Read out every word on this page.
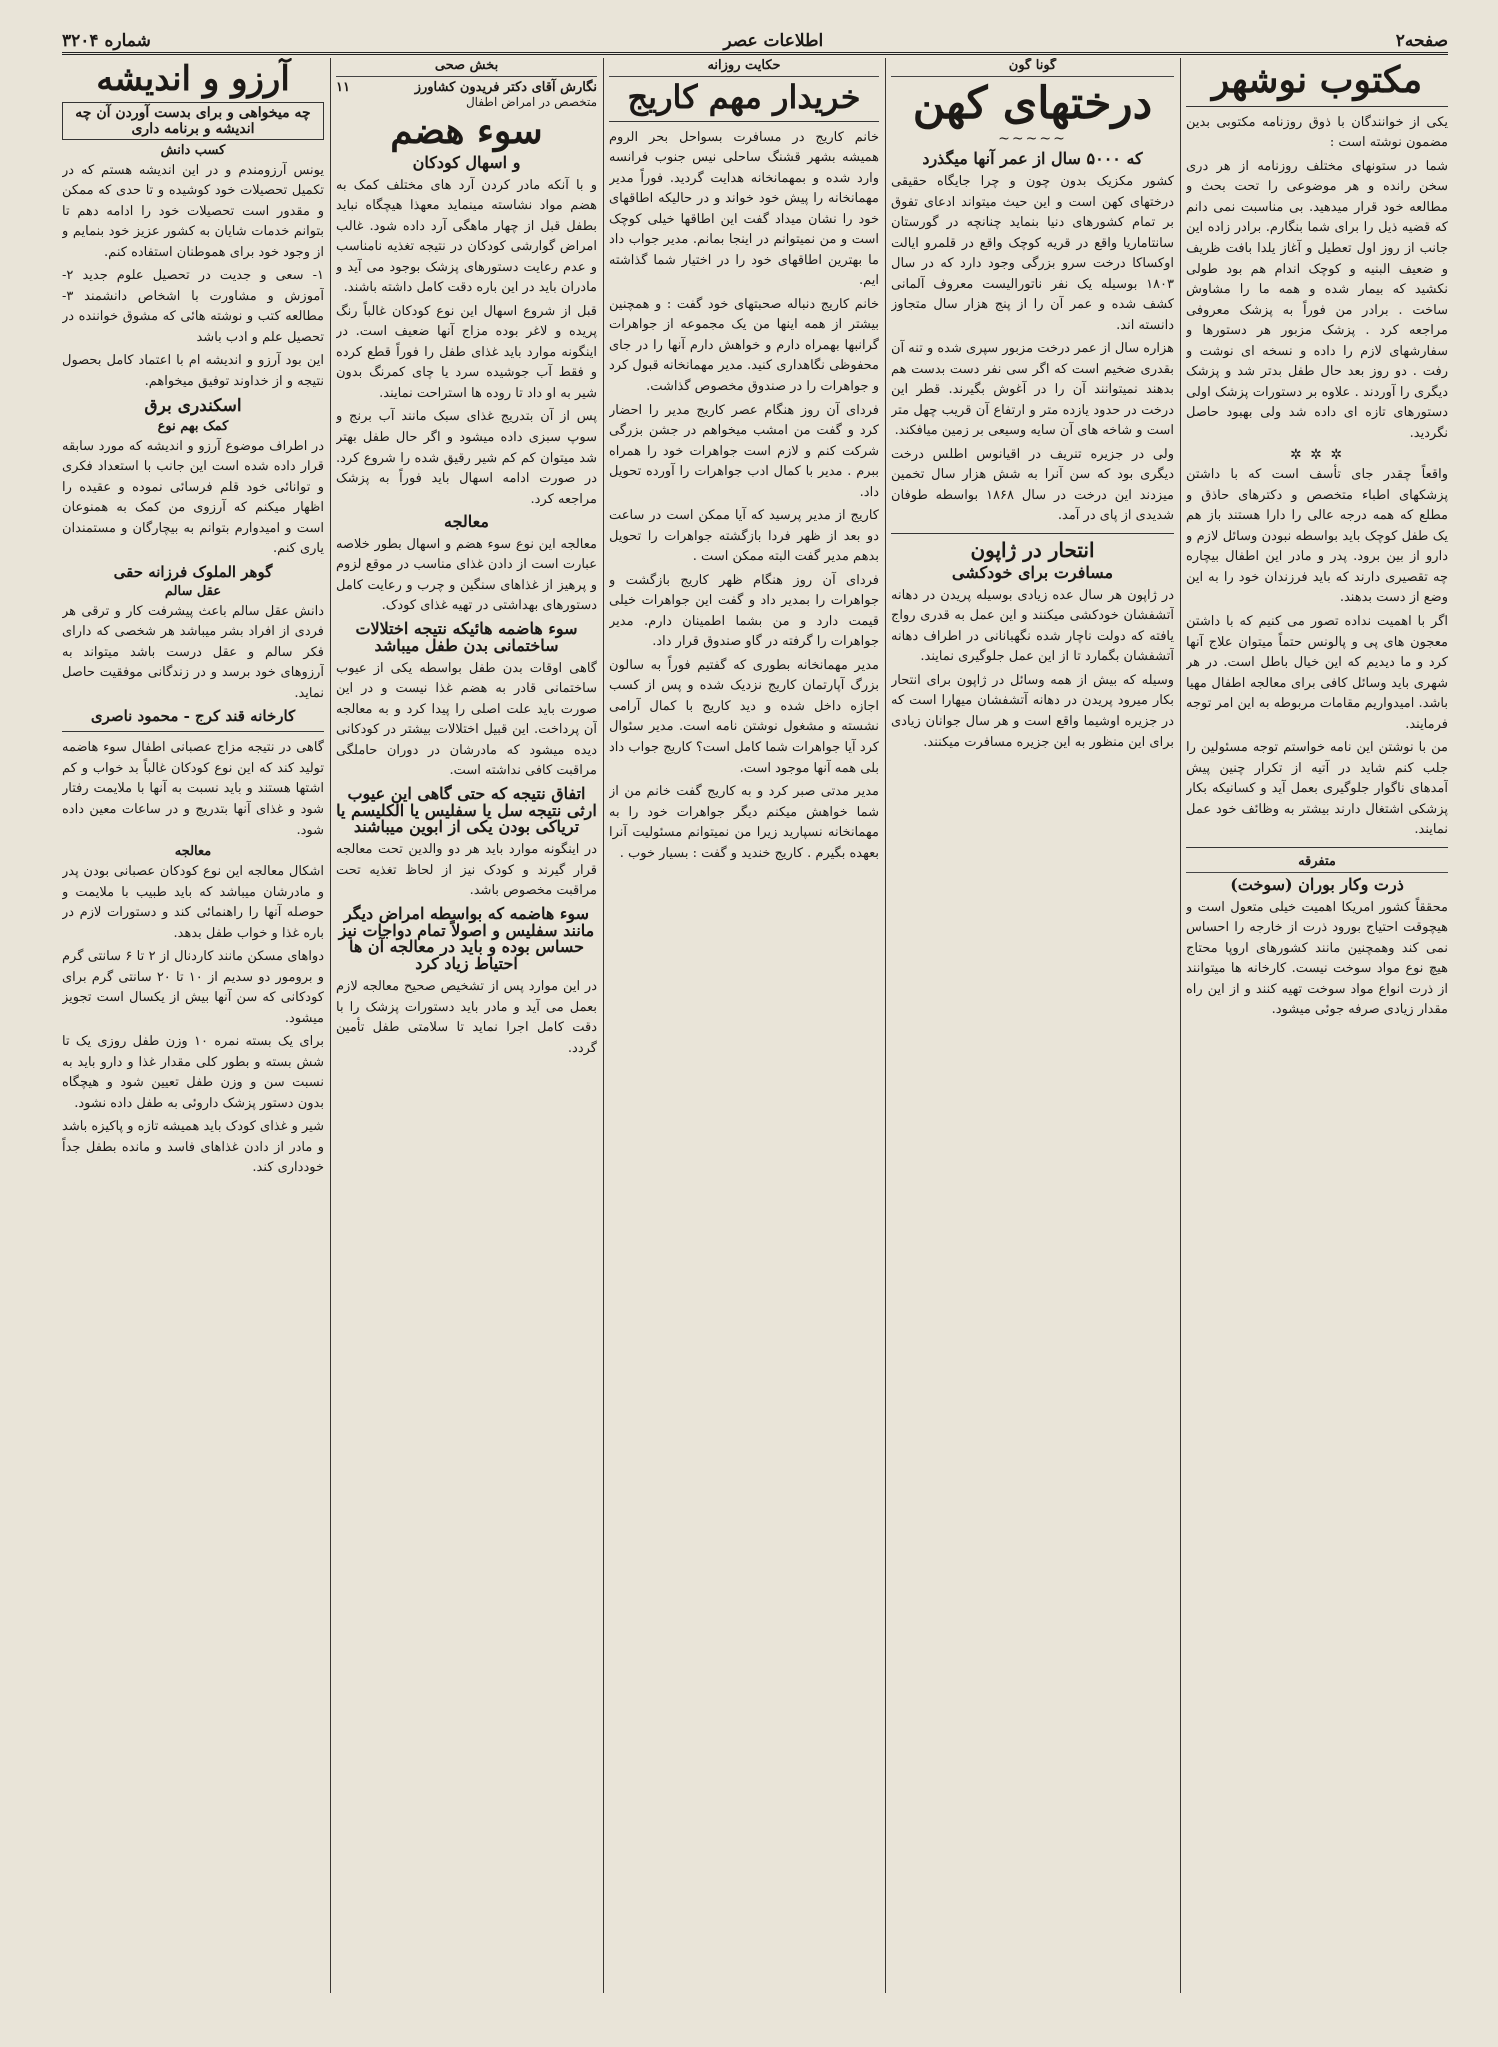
صفحه۲
اطلاعات عصر
شماره ۳۲۰۴
مکتوب نوشهر

یکی از خوانندگان با ذوق روزنامه مکتوبی بدین مضمون نوشته است :

شما در ستونهای مختلف روزنامه از هر دری سخن رانده و هر موضوعی را تحت بحث و مطالعه خود قرار میدهید. بی مناسبت نمی دانم که قضیه ذیل را برای شما بنگارم. برادر زاده این جانب از روز اول تعطیل و آغاز یلدا بافت ظریف و ضعیف البنیه و کوچک اندام هم بود طولی نکشید که بیمار شده و همه ما را مشاوش ساخت . برادر من فوراً به پزشک معروفی مراجعه کرد . پزشک مزبور هر دستورها و سفارشهای لازم را داده و نسخه ای نوشت و رفت . دو روز بعد حال طفل بدتر شد و پزشک دیگری را آوردند . علاوه بر دستورات پزشک اولی دستورهای تازه ای داده شد ولی بهبود حاصل نگردید.

✲ ✲ ✲

واقعاً چقدر جای تأسف است که با داشتن پزشکهای اطباء متخصص و دکترهای حاذق و مطلع که همه درجه عالی را دارا هستند باز هم یک طفل کوچک باید بواسطه نبودن وسائل لازم و دارو از بین برود. پدر و مادر این اطفال بیچاره چه تقصیری دارند که باید فرزندان خود را به این وضع از دست بدهند.

اگر با اهمیت نداده تصور می کنیم که با داشتن معجون های پی و پالونس حتماً میتوان علاج آنها کرد و ما دیدیم که این خیال باطل است. در هر شهری باید وسائل کافی برای معالجه اطفال مهیا باشد. امیدواریم مقامات مربوطه به این امر توجه فرمایند.

من با نوشتن این نامه خواستم توجه مسئولین را جلب کنم شاید در آتیه از تکرار چنین پیش آمدهای ناگوار جلوگیری بعمل آید و کسانیکه بکار پزشکی اشتغال دارند بیشتر به وظائف خود عمل نمایند.

متفرقه
ذرت وکار بوران (سوخت)

محققاً کشور امریکا اهمیت خیلی متعول است و هیچوقت احتیاج بورود ذرت از خارجه را احساس نمی کند وهمچنین مانند کشورهای اروپا محتاج هیچ نوع مواد سوخت نیست. کارخانه ها میتوانند از ذرت انواع مواد سوخت تهیه کنند و از این راه مقدار زیادی صرفه جوئی میشود.

گونا گون
درختهای کهن
~~~~~
که ۵۰۰۰ سال از عمر آنها میگذرد

کشور مکزیک بدون چون و چرا جایگاه حقیقی درختهای کهن است و این حیث میتواند ادعای تفوق بر تمام کشورهای دنیا بنماید چنانچه در گورستان سانتاماریا واقع در قریه کوچک واقع در قلمرو ایالت اوکساکا درخت سرو بزرگی وجود دارد که در سال ۱۸۰۳ بوسیله یک نفر ناتورالیست معروف آلمانی کشف شده و عمر آن را از پنج هزار سال متجاوز دانسته اند.

هزاره سال از عمر درخت مزبور سپری شده و تنه آن بقدری ضخیم است که اگر سی نفر دست بدست هم بدهند نمیتوانند آن را در آغوش بگیرند. قطر این درخت در حدود یازده متر و ارتفاع آن قریب چهل متر است و شاخه های آن سایه وسیعی بر زمین میافکند.

ولی در جزیره تنریف در اقیانوس اطلس درخت دیگری بود که سن آنرا به شش هزار سال تخمین میزدند این درخت در سال ۱۸۶۸ بواسطه طوفان شدیدی از پای در آمد.

انتحار در ژاپون
مسافرت برای خودکشی

در ژاپون هر سال عده زیادی بوسیله پریدن در دهانه آتشفشان خودکشی میکنند و این عمل به قدری رواج یافته که دولت ناچار شده نگهبانانی در اطراف دهانه آتشفشان بگمارد تا از این عمل جلوگیری نمایند.

وسیله که بیش از همه وسائل در ژاپون برای انتحار بکار میرود پریدن در دهانه آتشفشان میهارا است که در جزیره اوشیما واقع است و هر سال جوانان زیادی برای این منظور به این جزیره مسافرت میکنند.

حکایت روزانه
خریدار مهم کاریج

خانم کاریج در مسافرت بسواحل بحر الروم همیشه بشهر قشنگ ساحلی نیس جنوب فرانسه وارد شده و بمهمانخانه هدایت گردید. فوراً مدیر مهمانخانه را پیش خود خواند و در حالیکه اطاقهای خود را نشان میداد گفت این اطاقها خیلی کوچک است و من نمیتوانم در اینجا بمانم. مدیر جواب داد ما بهترین اطاقهای خود را در اختیار شما گذاشته ایم.

خانم کاریج دنباله صحبتهای خود گفت : و همچنین بیشتر از همه اینها من یک مجموعه از جواهرات گرانبها بهمراه دارم و خواهش دارم آنها را در جای محفوظی نگاهداری کنید. مدیر مهمانخانه قبول کرد و جواهرات را در صندوق مخصوص گذاشت.

فردای آن روز هنگام عصر کاریج مدیر را احضار کرد و گفت من امشب میخواهم در جشن بزرگی شرکت کنم و لازم است جواهرات خود را همراه ببرم . مدیر با کمال ادب جواهرات را آورده تحویل داد.

کاریج از مدیر پرسید که آیا ممکن است در ساعت دو بعد از ظهر فردا بازگشته جواهرات را تحویل بدهم مدیر گفت البته ممکن است .

فردای آن روز هنگام ظهر کاریج بازگشت و جواهرات را بمدیر داد و گفت این جواهرات خیلی قیمت دارد و من بشما اطمینان دارم. مدیر جواهرات را گرفته در گاو صندوق قرار داد.

مدیر مهمانخانه بطوری که گفتیم فوراً به سالون بزرگ آپارتمان کاریج نزدیک شده و پس از کسب اجازه داخل شده و دید کاریج با کمال آرامی نشسته و مشغول نوشتن نامه است. مدیر سئوال کرد آیا جواهرات شما کامل است؟ کاریج جواب داد بلی همه آنها موجود است.

مدیر مدتی صبر کرد و به کاریج گفت خانم من از شما خواهش میکنم دیگر جواهرات خود را به مهمانخانه نسپارید زیرا من نمیتوانم مسئولیت آنرا بعهده بگیرم . کاریج خندید و گفت : بسیار خوب .

بخش صحی
نگارش آقای دکتر فریدون کشاورز
۱۱
متخصص در امراض اطفال
سوء هضم
و اسهال کودکان

و با آنکه مادر کردن آرد های مختلف کمک به هضم مواد نشاسته مینماید معهذا هیچگاه نباید بطفل قبل از چهار ماهگی آرد داده شود. غالب امراض گوارشی کودکان در نتیجه تغذیه نامناسب و عدم رعایت دستورهای پزشک بوجود می آید و مادران باید در این باره دقت کامل داشته باشند.

قبل از شروع اسهال این نوع کودکان غالباً رنگ پریده و لاغر بوده مزاج آنها ضعیف است. در اینگونه موارد باید غذای طفل را فوراً قطع کرده و فقط آب جوشیده سرد یا چای کمرنگ بدون شیر به او داد تا روده ها استراحت نمایند.

پس از آن بتدریج غذای سبک مانند آب برنج و سوپ سبزی داده میشود و اگر حال طفل بهتر شد میتوان کم کم شیر رقیق شده را شروع کرد. در صورت ادامه اسهال باید فوراً به پزشک مراجعه کرد.

معالجه

معالجه این نوع سوء هضم و اسهال بطور خلاصه عبارت است از دادن غذای مناسب در موقع لزوم و پرهیز از غذاهای سنگین و چرب و رعایت کامل دستورهای بهداشتی در تهیه غذای کودک.

سوء هاضمه هائیکه نتیجه اختلالات ساختمانی بدن طفل میباشد

گاهی اوقات بدن طفل بواسطه یکی از عیوب ساختمانی قادر به هضم غذا نیست و در این صورت باید علت اصلی را پیدا کرد و به معالجه آن پرداخت. این قبیل اختلالات بیشتر در کودکانی دیده میشود که مادرشان در دوران حاملگی مراقبت کافی نداشته است.

اتفاق نتیجه که حتی گاهی این عیوب ارثی نتیجه سل یا سفلیس یا الکلیسم یا تریاکی بودن یکی از ابوین میباشند

در اینگونه موارد باید هر دو والدین تحت معالجه قرار گیرند و کودک نیز از لحاظ تغذیه تحت مراقبت مخصوص باشد.

سوء هاضمه که بواسطه امراض دیگر مانند سفلیس و اصولاً تمام دواجات نیز حساس بوده و باید در معالجه آن ها احتیاط زیاد کرد

در این موارد پس از تشخیص صحیح معالجه لازم بعمل می آید و مادر باید دستورات پزشک را با دقت کامل اجرا نماید تا سلامتی طفل تأمین گردد.

آرزو و اندیشه
چه میخواهی و برای بدست آوردن آن چه اندیشه و برنامه داری
کسب دانش

یونس آرزومندم و در این اندیشه هستم که در تکمیل تحصیلات خود کوشیده و تا حدی که ممکن و مقدور است تحصیلات خود را ادامه دهم تا بتوانم خدمات شایان به کشور عزیز خود بنمایم و از وجود خود برای هموطنان استفاده کنم.

۱- سعی و جدیت در تحصیل علوم جدید ۲- آموزش و مشاورت با اشخاص دانشمند ۳- مطالعه کتب و نوشته هائی که مشوق خواننده در تحصیل علم و ادب باشد

این بود آرزو و اندیشه ام با اعتماد کامل بحصول نتیجه و از خداوند توفیق میخواهم.

اسکندری برق
کمک بهم نوع

در اطراف موضوع آرزو و اندیشه که مورد سابقه قرار داده شده است این جانب با استعداد فکری و توانائی خود قلم فرسائی نموده و عقیده را اظهار میکنم که آرزوی من کمک به همنوعان است و امیدوارم بتوانم به بیچارگان و مستمندان یاری کنم.

گوهر الملوک فرزانه حقی
عقل سالم

دانش عقل سالم باعث پیشرفت کار و ترقی هر فردی از افراد بشر میباشد هر شخصی که دارای فکر سالم و عقل درست باشد میتواند به آرزوهای خود برسد و در زندگانی موفقیت حاصل نماید.

کارخانه قند کرج - محمود ناصری

گاهی در نتیجه مزاج عصبانی اطفال سوء هاضمه تولید کند که این نوع کودکان غالباً بد خواب و کم اشتها هستند و باید نسبت به آنها با ملایمت رفتار شود و غذای آنها بتدریج و در ساعات معین داده شود.

معالجه

اشکال معالجه این نوع کودکان عصبانی بودن پدر و مادرشان میباشد که باید طبیب با ملایمت و حوصله آنها را راهنمائی کند و دستورات لازم در باره غذا و خواب طفل بدهد.

دواهای مسکن مانند کاردنال از ۲ تا ۶ سانتی گرم و برومور دو سدیم از ۱۰ تا ۲۰ سانتی گرم برای کودکانی که سن آنها بیش از یکسال است تجویز میشود.

برای یک بسته نمره ۱۰ وزن طفل روزی یک تا شش بسته و بطور کلی مقدار غذا و دارو باید به نسبت سن و وزن طفل تعیین شود و هیچگاه بدون دستور پزشک داروئی به طفل داده نشود.

شیر و غذای کودک باید همیشه تازه و پاکیزه باشد و مادر از دادن غذاهای فاسد و مانده بطفل جداً خودداری کند.
